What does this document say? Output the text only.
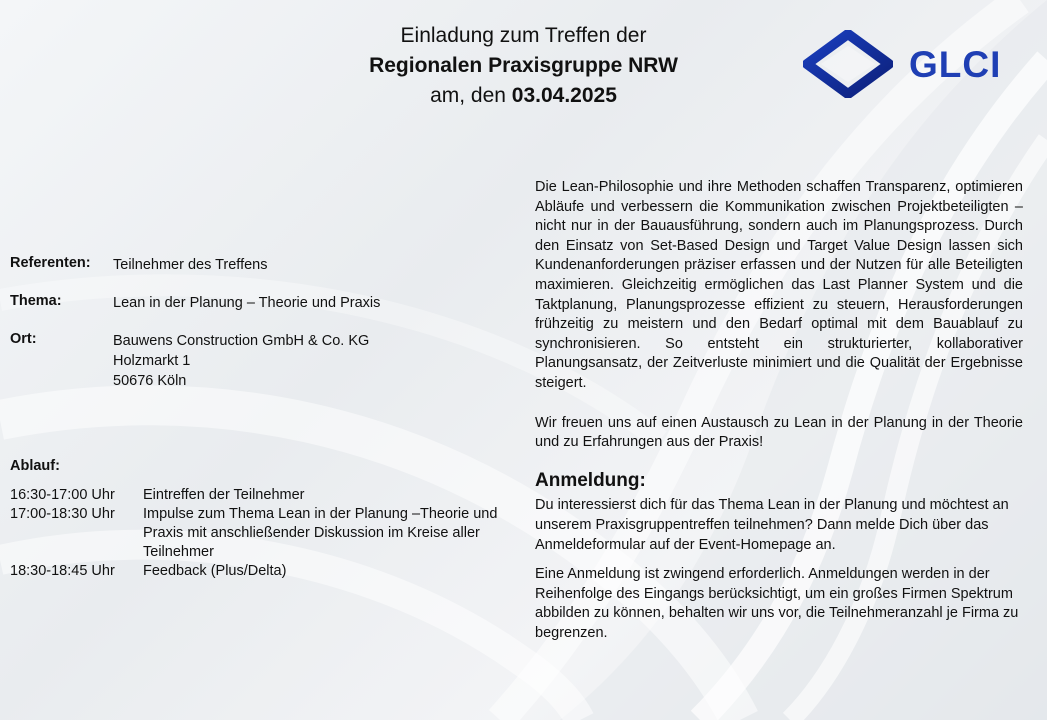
Einladung zum Treffen der
Regionalen Praxisgruppe NRW
am, den 03.04.2025
GLCI
Referenten: Teilnehmer des Treffens
Thema:	Lean in der Planung – Theorie und Praxis
Ort:	Bauwens Construction GmbH & Co. KG
Holzmarkt 1
50676 Köln
Ablauf:
16:30-17:00 Uhr	Eintreffen der Teilnehmer
17:00-18:30 Uhr	Impulse zum Thema Lean in der Planung –Theorie und Praxis mit anschließender Diskussion im Kreise aller Teilnehmer
18:30-18:45 Uhr	Feedback (Plus/Delta)

Die Lean-Philosophie und ihre Methoden schaffen Transparenz, optimieren Abläufe und verbessern die Kommunikation zwischen Projektbeteiligten – nicht nur in der Bauausführung, sondern auch im Planungsprozess. Durch den Einsatz von Set-Based Design und Target Value Design lassen sich Kundenanforderungen präziser erfassen und der Nutzen für alle Beteiligten maximieren. Gleichzeitig ermöglichen das Last Planner System und die Taktplanung, Planungsprozesse effizient zu steuern, Herausforderungen frühzeitig zu meistern und den Bedarf optimal mit dem Bauablauf zu synchronisieren. So entsteht ein strukturierter, kollaborativer Planungsansatz, der Zeitverluste minimiert und die Qualität der Ergebnisse steigert.

Wir freuen uns auf einen Austausch zu Lean in der Planung in der Theorie und zu Erfahrungen aus der Praxis!

Anmeldung:

Du interessierst dich für das Thema Lean in der Planung und möchtest an unserem Praxisgruppentreffen teilnehmen? Dann melde Dich über das Anmeldeformular auf der Event-Homepage an.

Eine Anmeldung ist zwingend erforderlich. Anmeldungen werden in der Reihenfolge des Eingangs berücksichtigt, um ein großes Firmen Spektrum abbilden zu können, behalten wir uns vor, die Teilnehmeranzahl je Firma zu begrenzen.
